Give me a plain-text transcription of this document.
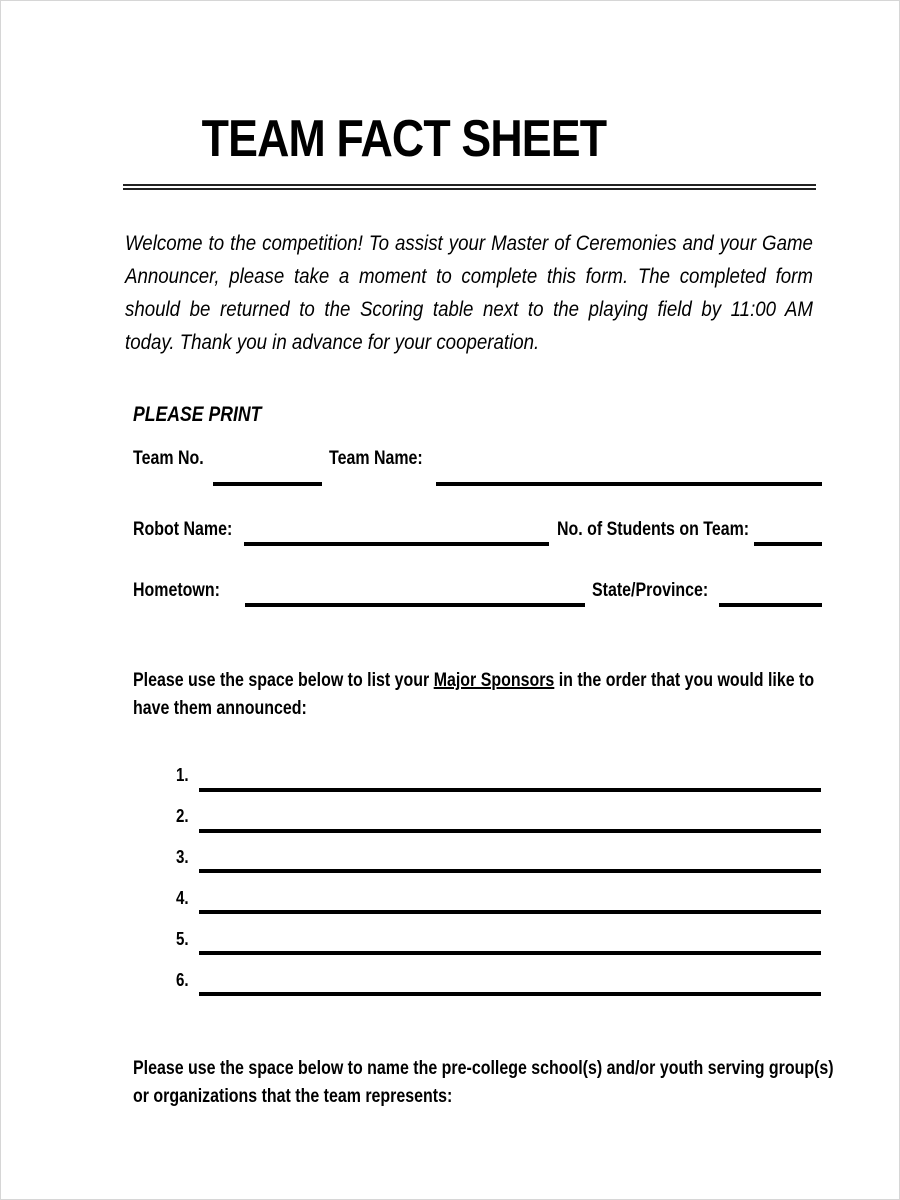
TEAM FACT SHEET
Welcome to the competition! To assist your Master of Ceremonies and your Game
Announcer, please take a moment to complete this form. The completed form
should be returned to the Scoring table next to the playing field by 11:00 AM
today. Thank you in advance for your cooperation.
PLEASE PRINT
Team No.	Team Name:
Robot Name:	No. of Students on Team:
Hometown:	State/Province:
Please use the space below to list your Major Sponsors in the order that you would like to
have them announced:
1.
2.
3.
4.
5.
6.
Please use the space below to name the pre-college school(s) and/or youth serving group(s)
or organizations that the team represents:
